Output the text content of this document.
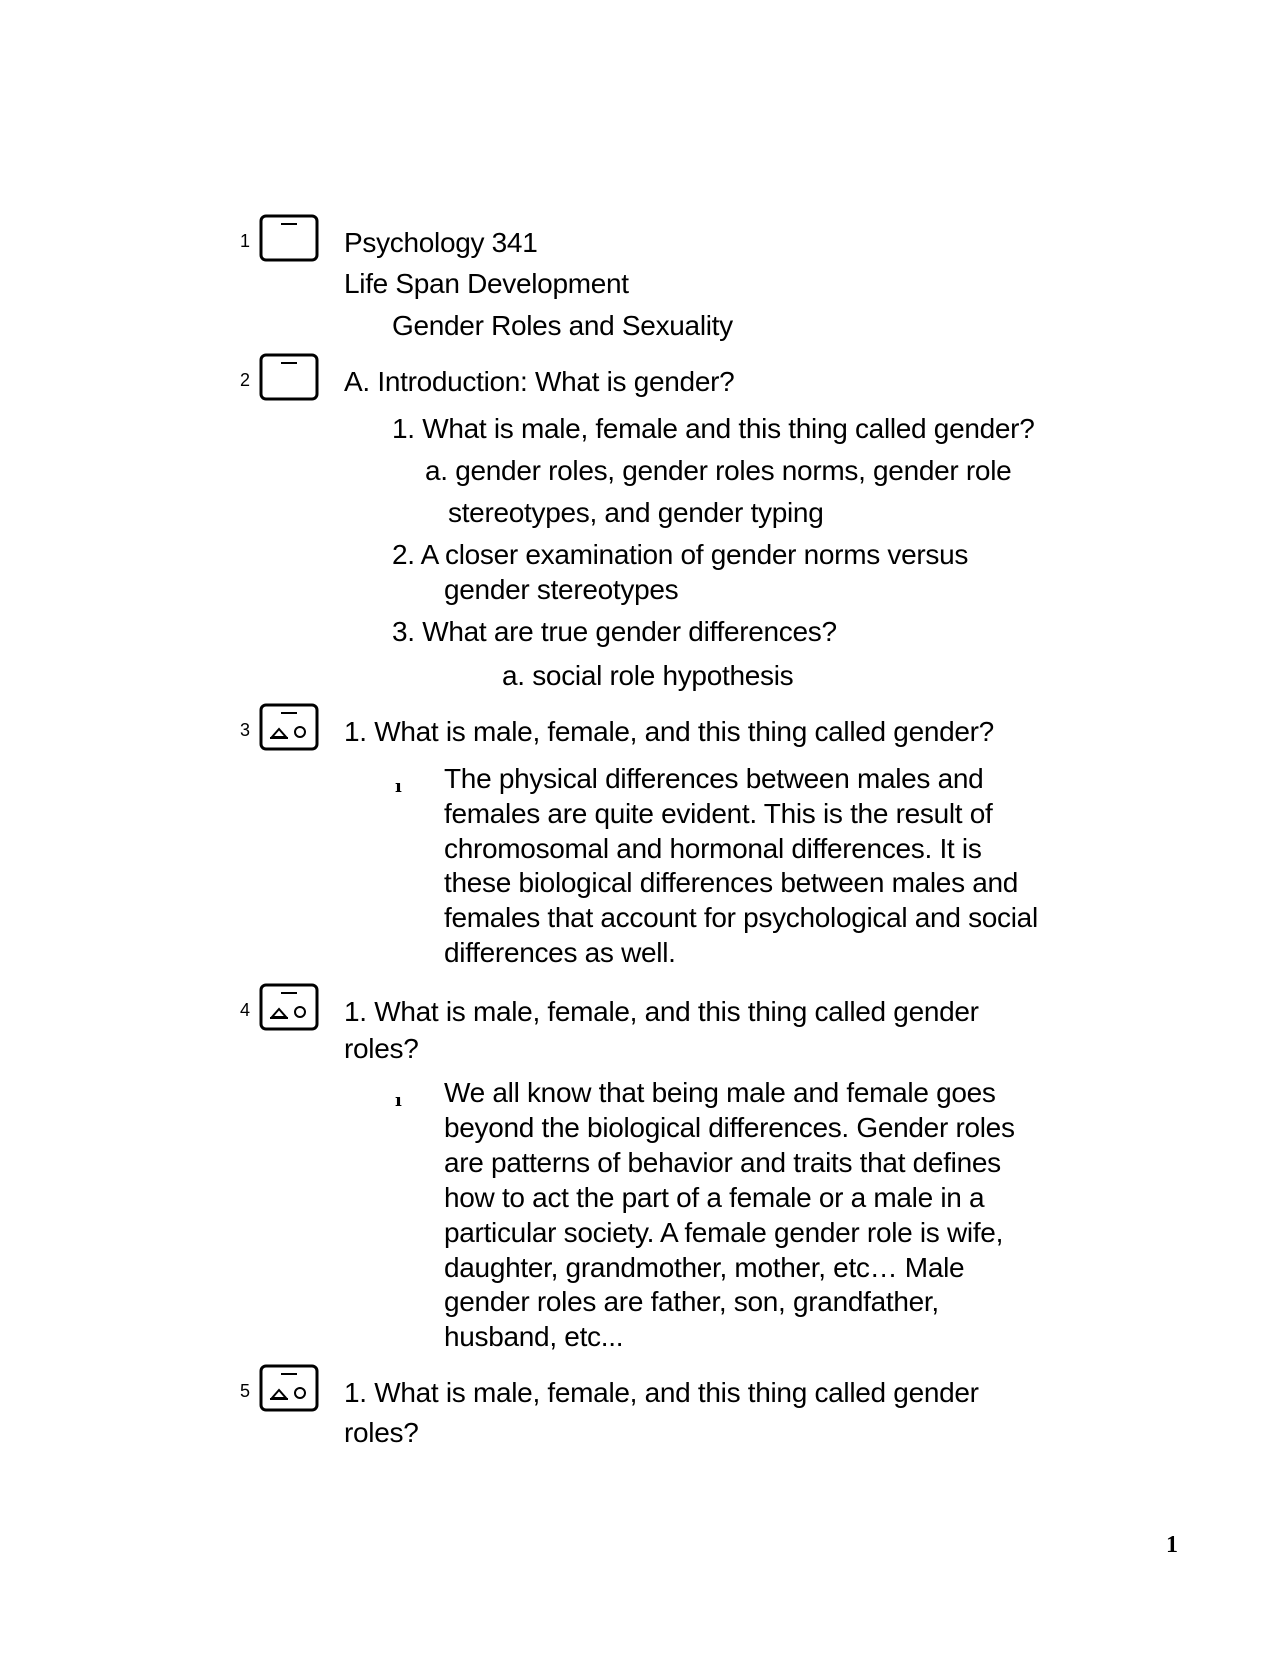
1	Psychology 341
Life Span Development
Gender Roles and Sexuality
2	A. Introduction: What is gender?
1. What is male, female and this thing called gender?
a. gender roles, gender roles norms, gender role
stereotypes, and gender typing
2. A closer examination of gender norms versus
gender stereotypes
3. What are true gender differences?
a. social role hypothesis
3	1. What is male, female, and this thing called gender?
ı The physical differences between males and
females are quite evident. This is the result of
chromosomal and hormonal differences. It is
these biological differences between males and
females that account for psychological and social
differences as well.
4	1. What is male, female, and this thing called gender
roles?
ı We all know that being male and female goes
beyond the biological differences. Gender roles
are patterns of behavior and traits that defines
how to act the part of a female or a male in a
particular society. A female gender role is wife,
daughter, grandmother, mother, etc… Male
gender roles are father, son, grandfather,
husband, etc...
5	1. What is male, female, and this thing called gender
roles?
1
